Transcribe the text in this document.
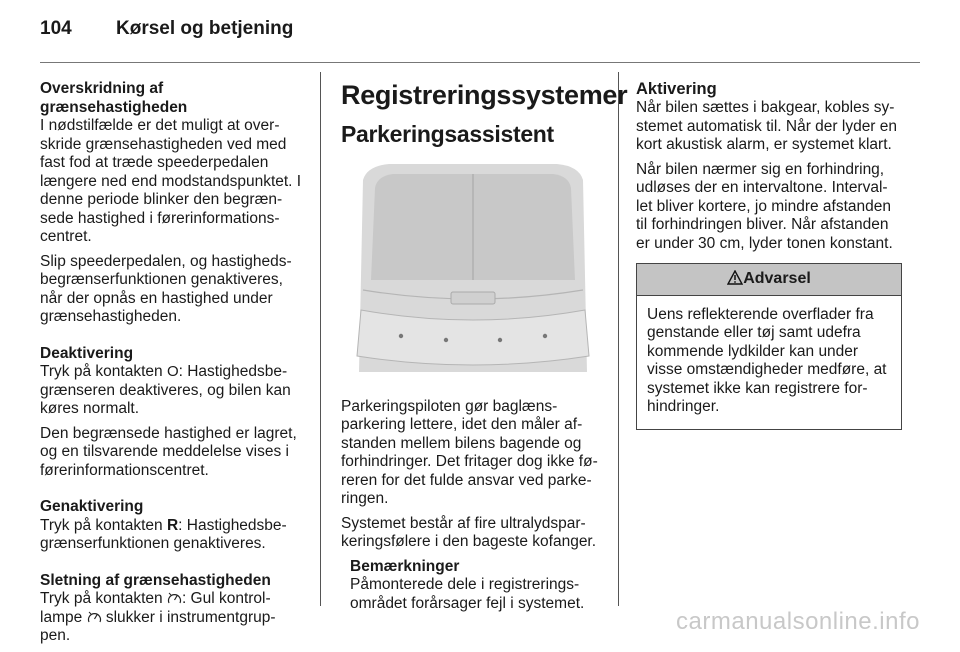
104 Kørsel og betjening

Overskridning af grænsehastigheden

I nødstilfælde er det muligt at over-skride grænsehastigheden ved med fast fod at træde speederpedalen længere ned end modstandspunktet. I denne periode blinker den begræn-sede hastighed i førerinformations-centret.

Slip speederpedalen, og hastigheds-begrænserfunktionen genaktiveres, når der opnås en hastighed under grænsehastigheden.

Deaktivering

Tryk på kontakten O: Hastighedsbe-grænseren deaktiveres, og bilen kan køres normalt.

Den begrænsede hastighed er lagret, og en tilsvarende meddelelse vises i førerinformationscentret.

Genaktivering

Tryk på kontakten R: Hastighedsbe-grænserfunktionen genaktiveres.

Sletning af grænsehastigheden

Tryk på kontakten : Gul kontrol-lampe  slukker i instrumentgrup-pen.

Registreringssystemer
Parkeringsassistent

Parkeringspiloten gør baglæns-parkering lettere, idet den måler af-standen mellem bilens bagende og forhindringer. Det fritager dog ikke fø-reren for det fulde ansvar ved parke-ringen.

Systemet består af fire ultralydspar-keringsfølere i den bageste kofanger.

Bemærkninger

Påmonterede dele i registrerings-området forårsager fejl i systemet.

Aktivering

Når bilen sættes i bakgear, kobles sy-stemet automatisk til. Når der lyder en kort akustisk alarm, er systemet klart.

Når bilen nærmer sig en forhindring, udløses der en intervaltone. Interval-let bliver kortere, jo mindre afstanden til forhindringen bliver. Når afstanden er under 30 cm, lyder tonen konstant.

Advarsel
Uens reflekterende overflader fra genstande eller tøj samt udefra kommende lydkilder kan under visse omstændigheder medføre, at systemet ikke kan registrere for-hindringer.
carmanualsonline.info
